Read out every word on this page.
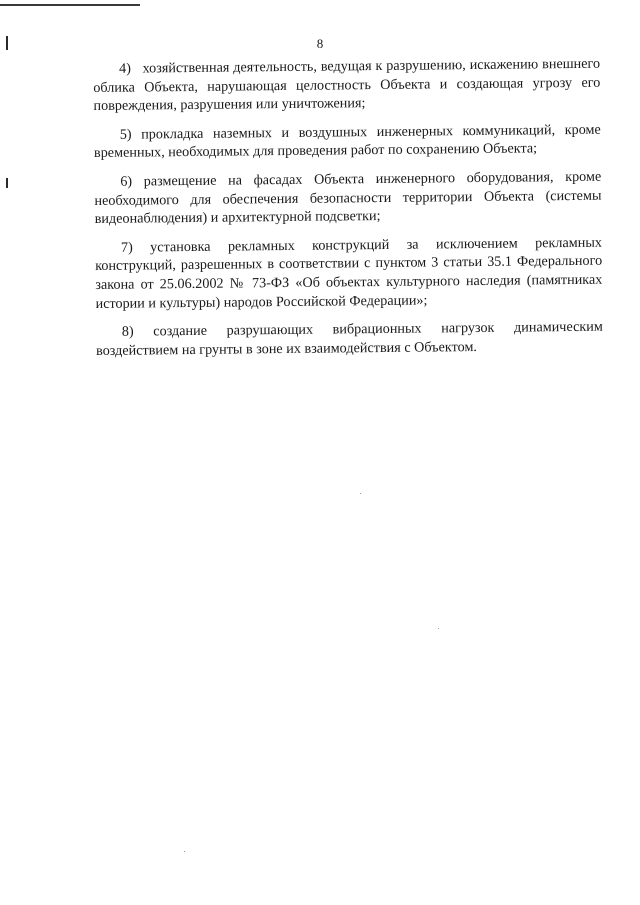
8

4)   хозяйственная деятельность, ведущая к разрушению, искажению внешнего облика Объекта, нарушающая целостность Объекта и создающая угрозу его повреждения, разрушения или уничтожения;

5) прокладка наземных и воздушных инженерных коммуникаций, кроме временных, необходимых для проведения работ по сохранению Объекта;

6) размещение на фасадах Объекта инженерного оборудования, кроме необходимого для обеспечения безопасности территории Объекта (системы видеонаблюдения) и архитектурной подсветки;

7) установка рекламных конструкций за исключением рекламных конструкций, разрешенных в соответствии с пунктом 3 статьи 35.1 Федерального закона от 25.06.2002 № 73-ФЗ «Об объектах культурного наследия (памятниках истории и культуры) народов Российской Федерации»;

8) создание разрушающих вибрационных нагрузок динамическим воздействием на грунты в зоне их взаимодействия с Объектом.
